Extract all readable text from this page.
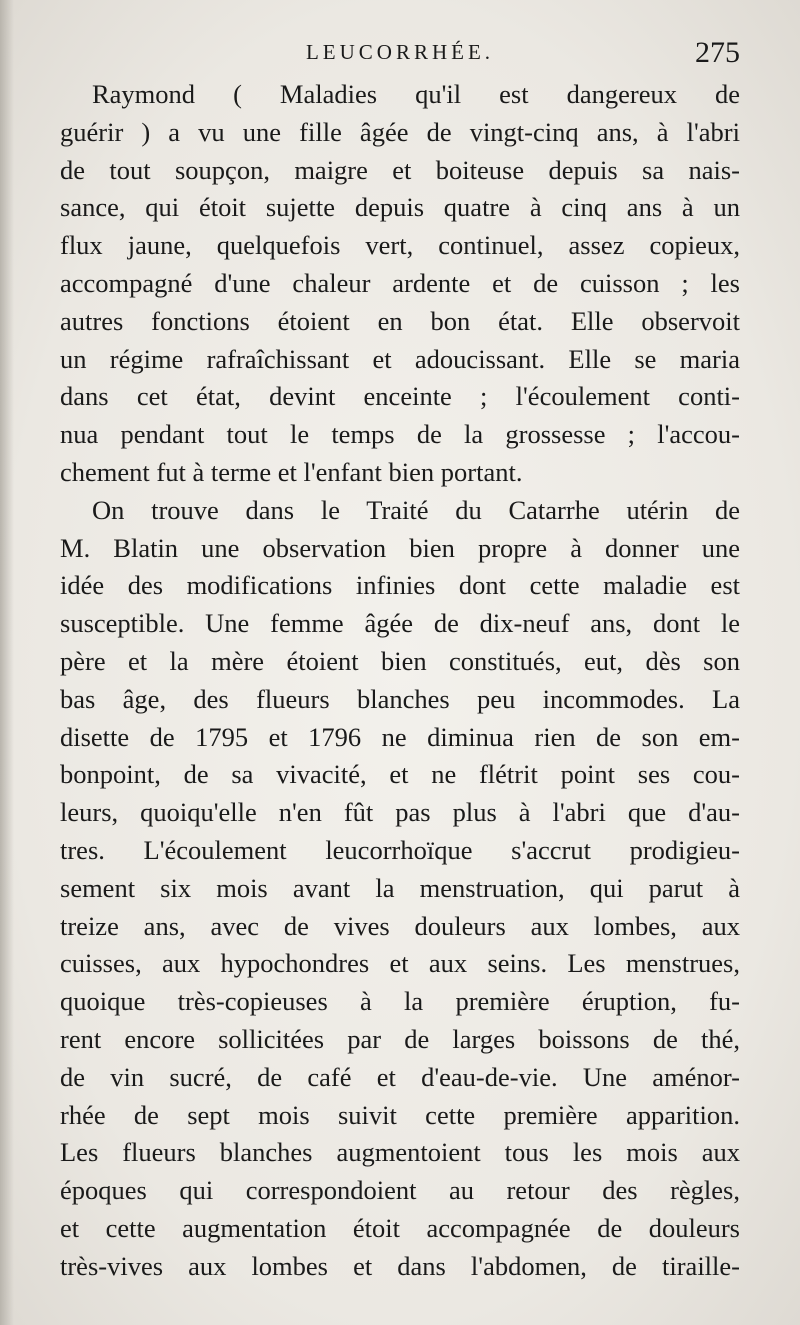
LEUCORRHÉE.	275
Raymond ( Maladies qu'il est dangereux de
guérir ) a vu une fille âgée de vingt-cinq ans, à l'abri
de tout soupçon, maigre et boiteuse depuis sa nais-
sance, qui étoit sujette depuis quatre à cinq ans à un
flux jaune, quelquefois vert, continuel, assez copieux,
accompagné d'une chaleur ardente et de cuisson ; les
autres fonctions étoient en bon état. Elle observoit
un régime rafraîchissant et adoucissant. Elle se maria
dans cet état, devint enceinte ; l'écoulement conti-
nua pendant tout le temps de la grossesse ; l'accou-
chement fut à terme et l'enfant bien portant.
On trouve dans le Traité du Catarrhe utérin de
M. Blatin une observation bien propre à donner une
idée des modifications infinies dont cette maladie est
susceptible. Une femme âgée de dix-neuf ans, dont le
père et la mère étoient bien constitués, eut, dès son
bas âge, des flueurs blanches peu incommodes. La
disette de 1795 et 1796 ne diminua rien de son em-
bonpoint, de sa vivacité, et ne flétrit point ses cou-
leurs, quoiqu'elle n'en fût pas plus à l'abri que d'au-
tres. L'écoulement leucorrhoïque s'accrut prodigieu-
sement six mois avant la menstruation, qui parut à
treize ans, avec de vives douleurs aux lombes, aux
cuisses, aux hypochondres et aux seins. Les menstrues,
quoique très-copieuses à la première éruption, fu-
rent encore sollicitées par de larges boissons de thé,
de vin sucré, de café et d'eau-de-vie. Une aménor-
rhée de sept mois suivit cette première apparition.
Les flueurs blanches augmentoient tous les mois aux
époques qui correspondoient au retour des règles,
et cette augmentation étoit accompagnée de douleurs
très-vives aux lombes et dans l'abdomen, de tiraille-
